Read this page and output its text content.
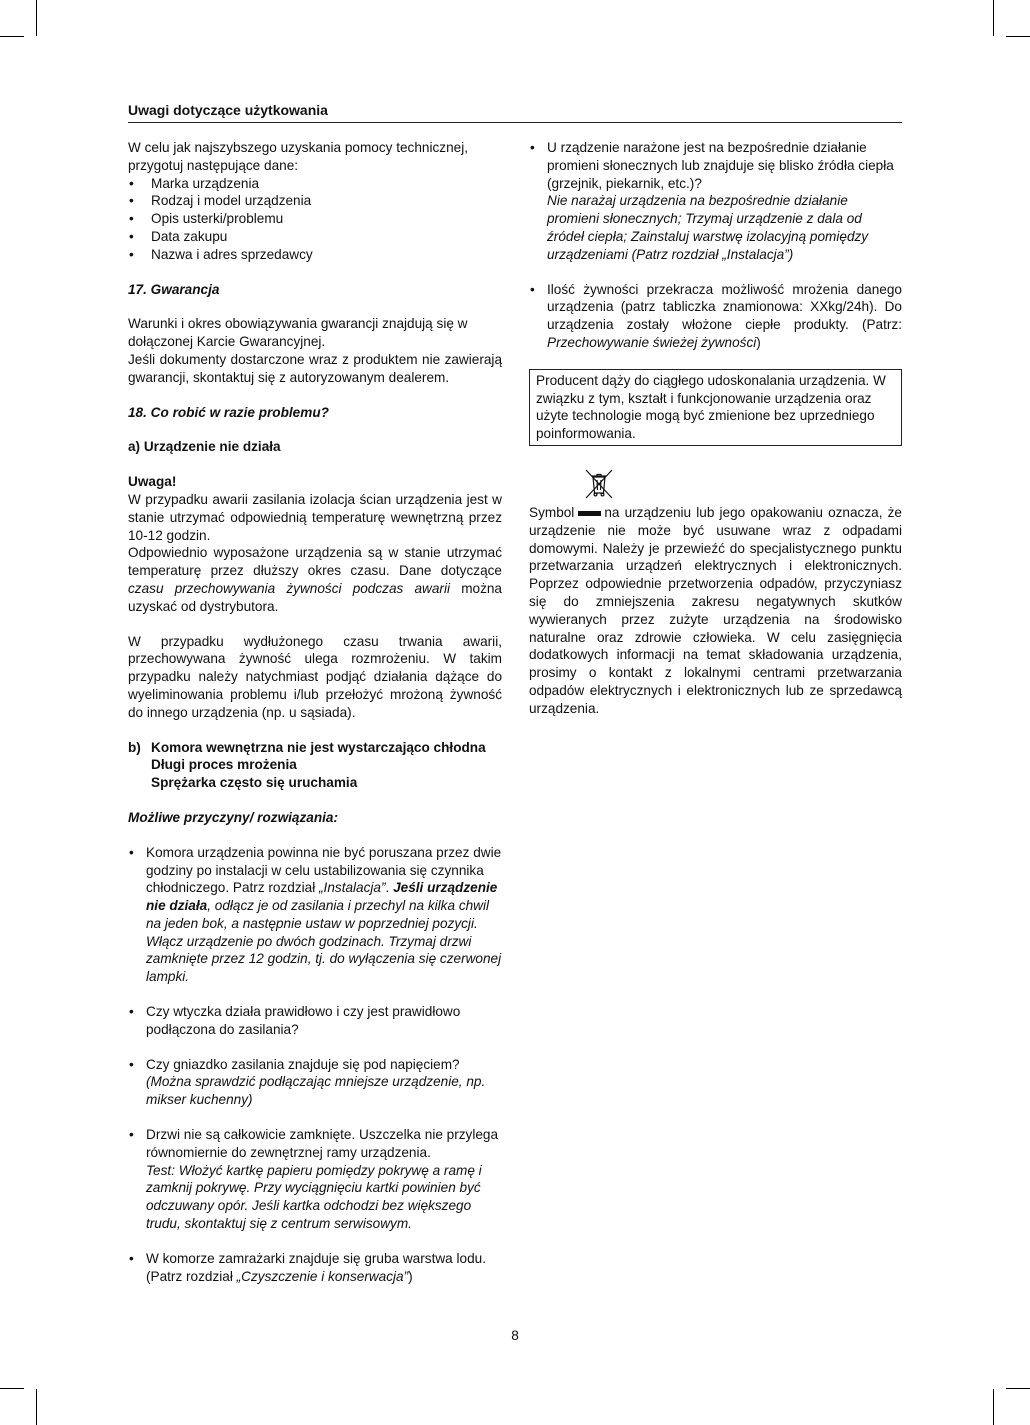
Uwagi dotyczące użytkowania

W celu jak najszybszego uzyskania pomocy technicznej, przygotuj następujące dane:

• Marka urządzenia
• Rodzaj i model urządzenia
• Opis usterki/problemu
• Data zakupu
• Nazwa i adres sprzedawcy

17. Gwarancja

Warunki i okres obowiązywania gwarancji znajdują się w dołączonej Karcie Gwarancyjnej.

Jeśli dokumenty dostarczone wraz z produktem nie zawierają gwarancji, skontaktuj się z autoryzowanym dealerem.

18. Co robić w razie problemu?

a) Urządzenie nie działa

Uwaga!

W przypadku awarii zasilania izolacja ścian urządzenia jest w stanie utrzymać odpowiednią temperaturę wewnętrzną przez 10-12 godzin.

Odpowiednio wyposażone urządzenia są w stanie utrzymać temperaturę przez dłuższy okres czasu. Dane dotyczące czasu przechowywania żywności podczas awarii można uzyskać od dystrybutora.

W przypadku wydłużonego czasu trwania awarii, przechowywana żywność ulega rozmrożeniu. W takim przypadku należy natychmiast podjąć działania dążące do wyeliminowania problemu i/lub przełożyć mrożoną żywność do innego urządzenia (np. u sąsiada).

b) Komora wewnętrzna nie jest wystarczająco chłodna
Długi proces mrożenia
Sprężarka często się uruchamia

Możliwe przyczyny/ rozwiązania:

• Komora urządzenia powinna nie być poruszana przez dwie godziny po instalacji w celu ustabilizowania się czynnika chłodniczego. Patrz rozdział „Instalacja”. Jeśli urządzenie nie działa, odłącz je od zasilania i przechyl na kilka chwil na jeden bok, a następnie ustaw w poprzedniej pozycji. Włącz urządzenie po dwóch godzinach. Trzymaj drzwi zamknięte przez 12 godzin, tj. do wyłączenia się czerwonej lampki.
• Czy wtyczka działa prawidłowo i czy jest prawidłowo podłączona do zasilania?
• Czy gniazdko zasilania znajduje się pod napięciem?
(Można sprawdzić podłączając mniejsze urządzenie, np. mikser kuchenny)
• Drzwi nie są całkowicie zamknięte. Uszczelka nie przylega równomiernie do zewnętrznej ramy urządzenia.
Test: Włożyć kartkę papieru pomiędzy pokrywę a ramę i zamknij pokrywę. Przy wyciągnięciu kartki powinien być odczuwany opór. Jeśli kartka odchodzi bez większego trudu, skontaktuj się z centrum serwisowym.
• W komorze zamrażarki znajduje się gruba warstwa lodu. (Patrz rozdział „Czyszczenie i konserwacja”)
• U rządzenie narażone jest na bezpośrednie działanie promieni słonecznych lub znajduje się blisko źródła ciepła (grzejnik, piekarnik, etc.)?
Nie narażaj urządzenia na bezpośrednie działanie promieni słonecznych; Trzymaj urządzenie z dala od źródeł ciepła; Zainstaluj warstwę izolacyjną pomiędzy urządzeniami (Patrz rozdział „Instalacja”)
• Ilość żywności przekracza możliwość mrożenia danego urządzenia (patrz tabliczka znamionowa: XXkg/24h). Do urządzenia zostały włożone ciepłe produkty. (Patrz: Przechowywanie świeżej żywności)

Producent dąży do ciągłego udoskonalania urządzenia. W związku z tym, kształt i funkcjonowanie urządzenia oraz użyte technologie mogą być zmienione bez uprzedniego poinformowania.

Symbol na urządzeniu lub jego opakowaniu oznacza, że urządzenie nie może być usuwane wraz z odpadami domowymi. Należy je przewieźć do specjalistycznego punktu przetwarzania urządzeń elektrycznych i elektronicznych. Poprzez odpowiednie przetworzenia odpadów, przyczyniasz się do zmniejszenia zakresu negatywnych skutków wywieranych przez zużyte urządzenia na środowisko naturalne oraz zdrowie człowieka. W celu zasięgnięcia dodatkowych informacji na temat składowania urządzenia, prosimy o kontakt z lokalnymi centrami przetwarzania odpadów elektrycznych i elektronicznych lub ze sprzedawcą urządzenia.

8
